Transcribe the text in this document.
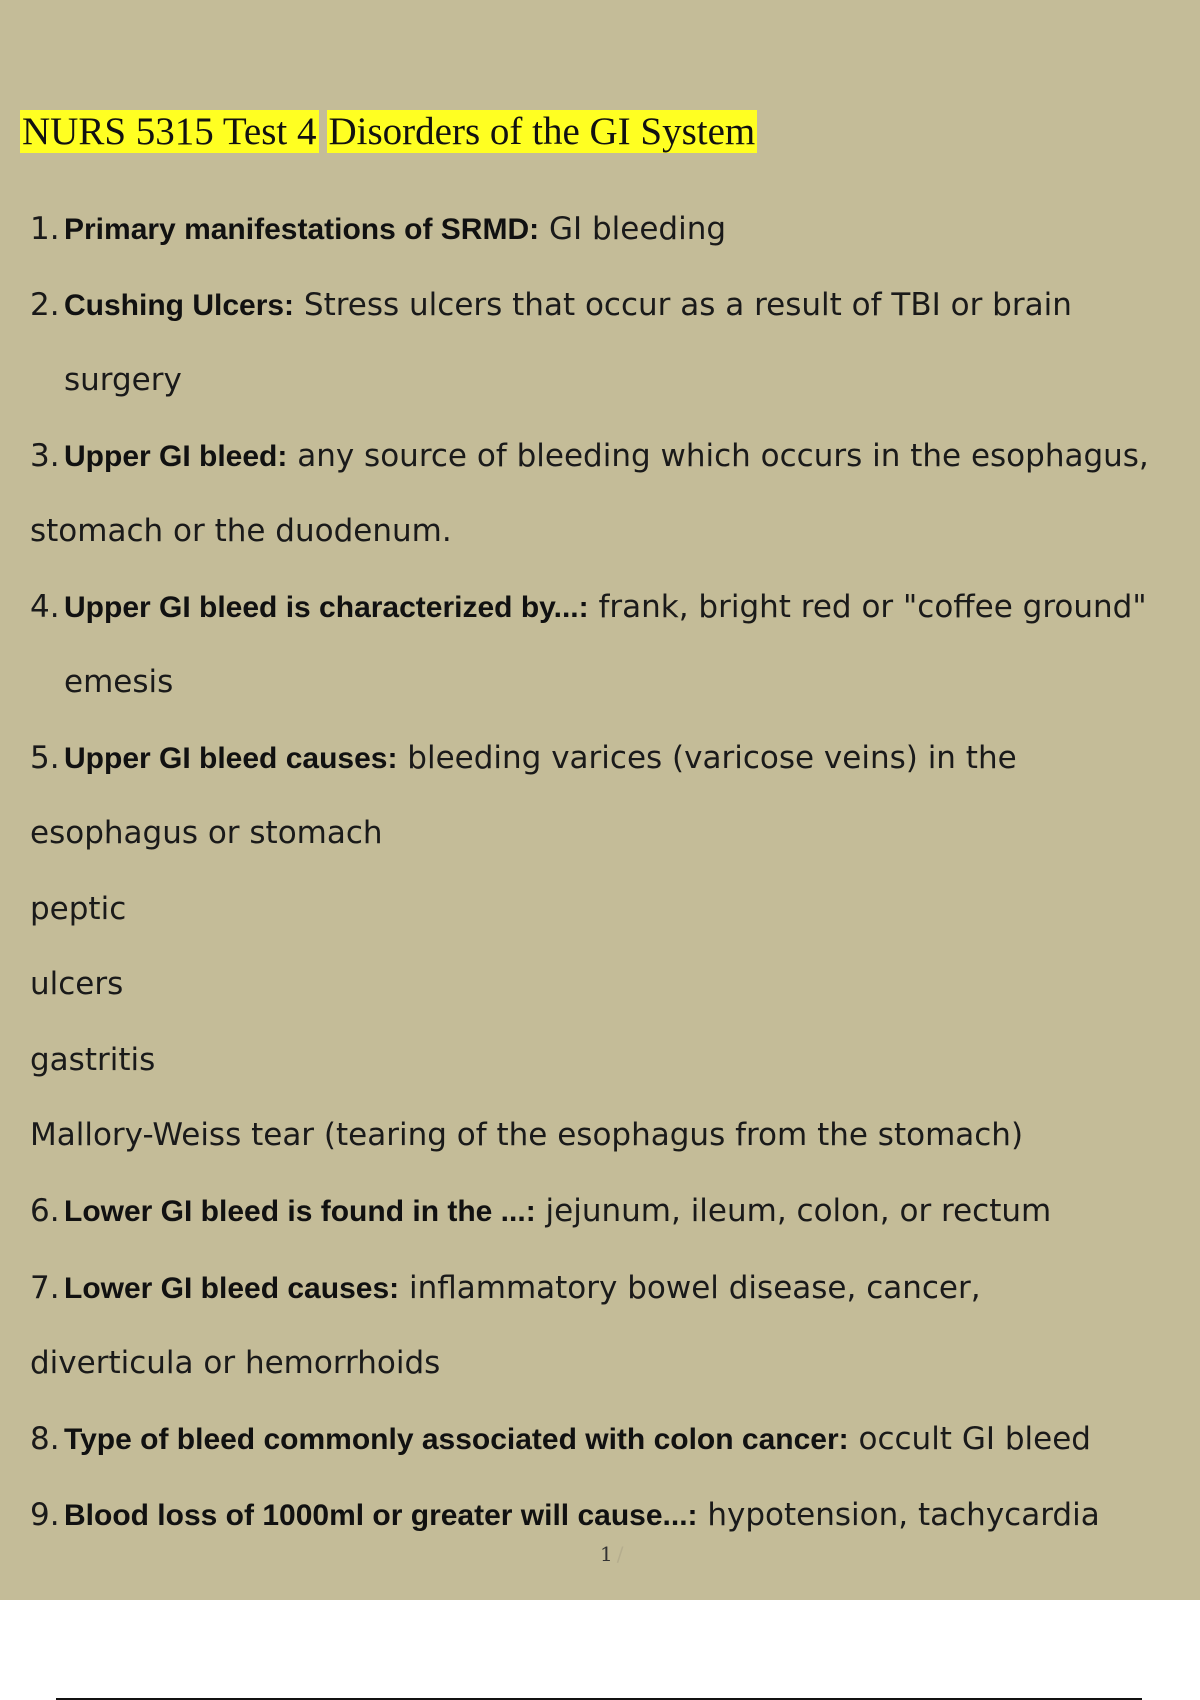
NURS 5315 Test 4 Disorders of the GI System
1. Primary manifestations of SRMD: GI bleeding
2. Cushing Ulcers: Stress ulcers that occur as a result of TBI or brain
surgery
3. Upper GI bleed: any source of bleeding which occurs in the esophagus,
stomach or the duodenum.
4. Upper GI bleed is characterized by...: frank, bright red or "coffee ground"
emesis
5. Upper GI bleed causes: bleeding varices (varicose veins) in the
esophagus or stomach
peptic
ulcers
gastritis
Mallory-Weiss tear (tearing of the esophagus from the stomach)
6. Lower GI bleed is found in the ...: jejunum, ileum, colon, or rectum
7. Lower GI bleed causes: inflammatory bowel disease, cancer,
diverticula or hemorrhoids
8. Type of bleed commonly associated with colon cancer: occult GI bleed
9. Blood loss of 1000ml or greater will cause...: hypotension, tachycardia
1 /
